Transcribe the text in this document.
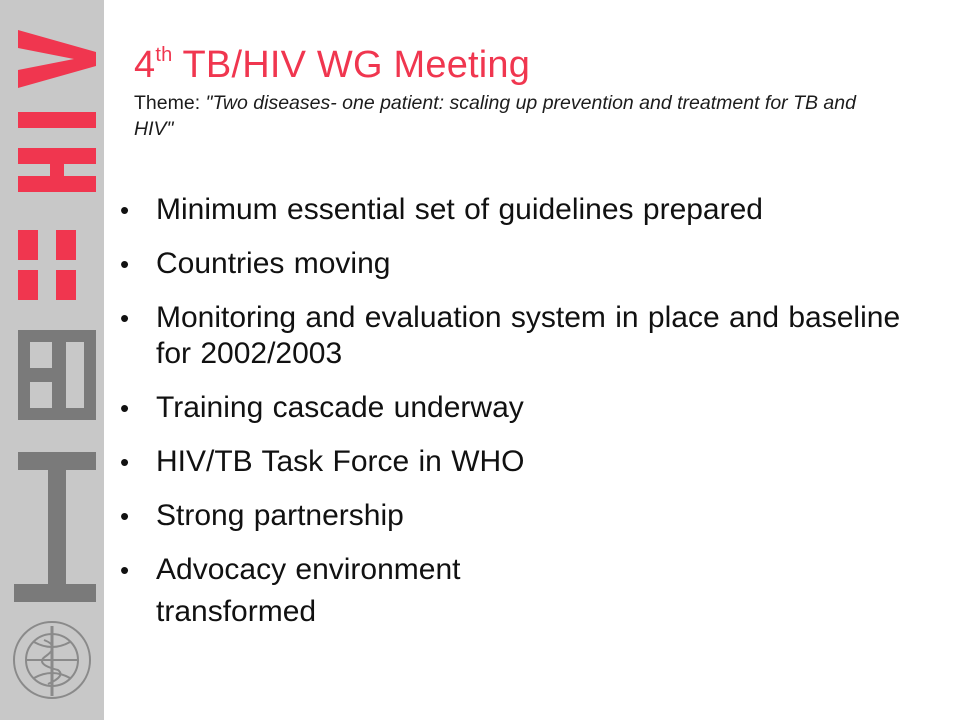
4th TB/HIV WG Meeting

Theme: "Two diseases- one patient: scaling up prevention and treatment for TB and HIV"

• Minimum essential set of guidelines prepared
• Countries moving
• Monitoring and evaluation system in place and baseline for 2002/2003
• Training cascade underway
• HIV/TB Task Force in WHO
• Strong partnership
• Advocacy environment
transformed
